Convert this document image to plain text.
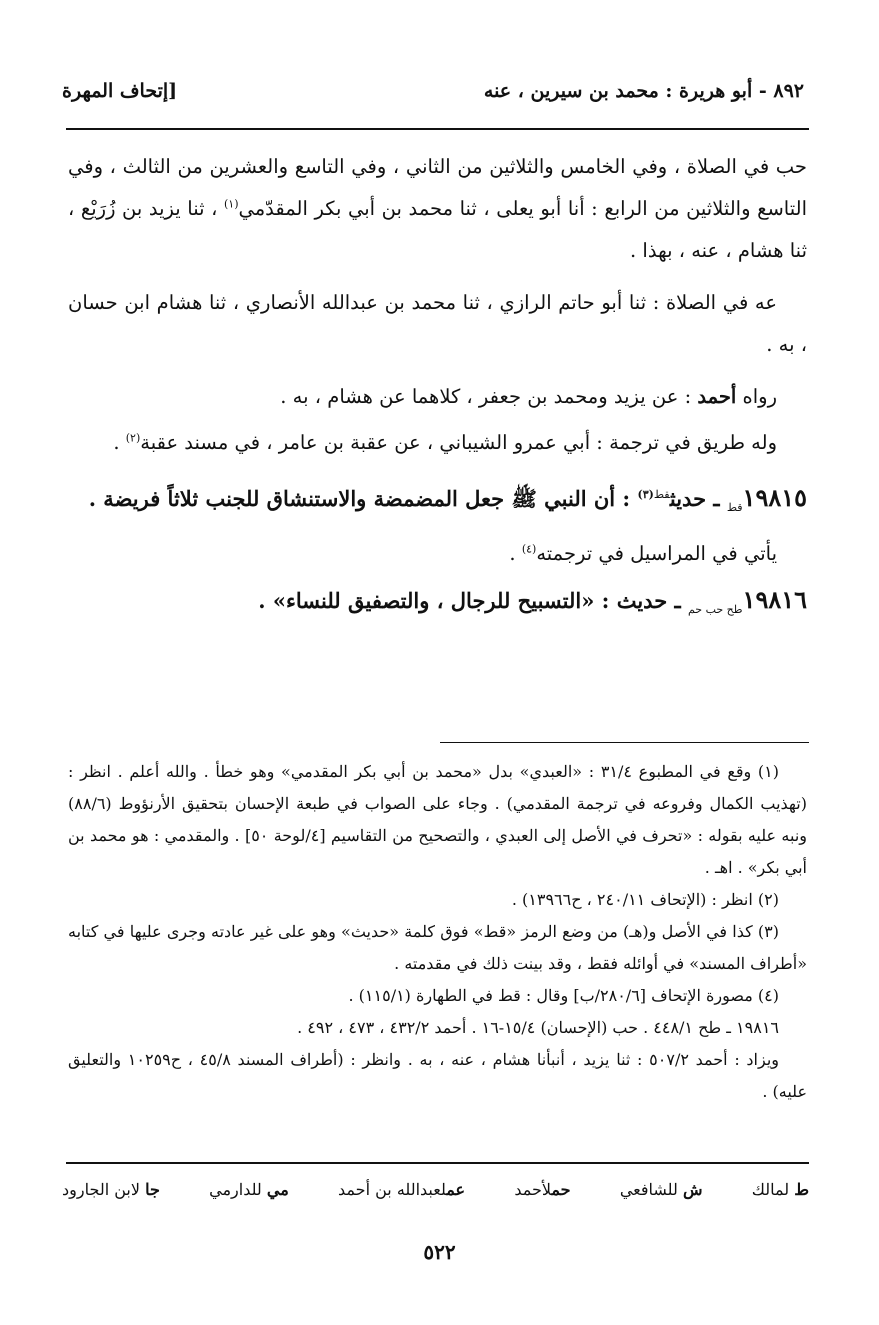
٨٩٢ - أبو هريرة : محمد بن سيرين ، عنه
[إتحاف المهرة

حب في الصلاة ، وفي الخامس والثلاثين من الثاني ، وفي التاسع والعشرين من الثالث ، وفي التاسع والثلاثين من الرابع : أنا أبو يعلى ، ثنا محمد بن أبي بكر المقدّمي$^{(١)}$ ، ثنا يزيد بن زُرَيْع ، ثنا هشام ، عنه ، بهذا .

عه في الصلاة : ثنا أبو حاتم الرازي ، ثنا محمد بن عبدالله الأنصاري ، ثنا هشام ابن حسان ، به .

رواه أحمد : عن يزيد ومحمد بن جعفر ، كلاهما عن هشام ، به .

وله طريق في ترجمة : أبي عمرو الشيباني ، عن عقبة بن عامر ، في مسند عقبة$^{(٢)}$ .

$١٩٨١٥_{قط}$ ـ حديث$^{قط(٣)}$ : أن النبي ﷺ جعل المضمضة والاستنشاق للجنب ثلاثاً فريضة .

يأتي في المراسيل في ترجمته$^{(٤)}$ .

$١٩٨١٦_{طح حب حم}$ ـ حديث : «التسبيح للرجال ، والتصفيق للنساء» .

(١) وقع في المطبوع ٣١/٤ : «العبدي» بدل «محمد بن أبي بكر المقدمي» وهو خطأ . والله أعلم . انظر : (تهذيب الكمال وفروعه في ترجمة المقدمي) . وجاء على الصواب في طبعة الإحسان بتحقيق الأرنؤوط (٨٨/٦) ونبه عليه بقوله : «تحرف في الأصل إلى العبدي ، والتصحيح من التقاسيم [٤/لوحة ٥٠] . والمقدمي : هو محمد بن أبي بكر» . اهـ .

(٢) انظر : (الإتحاف ٢٤٠/١١ ، ح١٣٩٦٦) .

(٣) كذا في الأصل و(هـ) من وضع الرمز «قط» فوق كلمة «حديث» وهو على غير عادته وجرى عليها في كتابه «أطراف المسند» في أوائله فقط ، وقد بينت ذلك في مقدمته .

(٤) مصورة الإتحاف [٢٨٠/٦/ب] وقال : قط في الطهارة (١١٥/١) .

١٩٨١٦ ـ طح ٤٤٨/١ . حب (الإحسان) ١٥/٤-١٦ . أحمد ٤٣٢/٢ ، ٤٧٣ ، ٤٩٢ .

ويزاد : أحمد ٥٠٧/٢ : ثنا يزيد ، أنبأنا هشام ، عنه ، به . وانظر : (أطراف المسند ٤٥/٨ ، ح١٠٢٥٩ والتعليق عليه) .

ط لمالك
ش للشافعي
حملأحمد
عملعبدالله بن أحمد
مي للدارمي
جا لابن الجارود
٥٢٢
